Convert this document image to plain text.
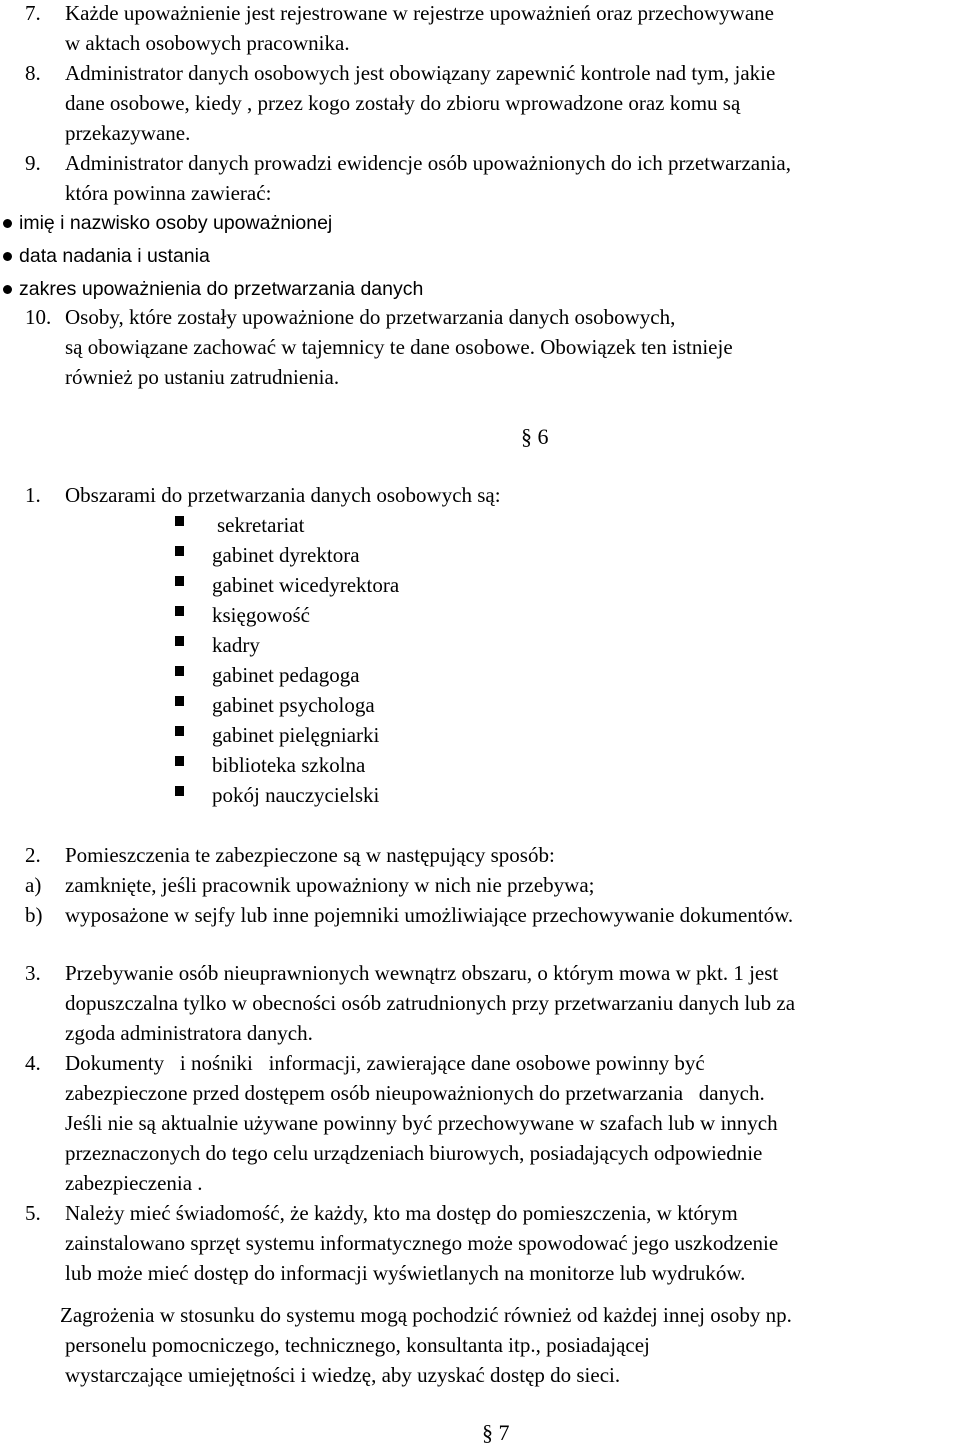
7. Każde upoważnienie jest rejestrowane w rejestrze upoważnień oraz przechowywane
w aktach osobowych pracownika.
8. Administrator danych osobowych jest obowiązany zapewnić kontrole nad tym, jakie
dane osobowe, kiedy , przez kogo zostały do zbioru wprowadzone oraz komu są
przekazywane.
9. Administrator danych prowadzi ewidencje osób upoważnionych do ich przetwarzania,
która powinna zawierać:
imię i nazwisko osoby upoważnionej
data nadania i ustania
zakres upoważnienia do przetwarzania danych
10. Osoby, które zostały upoważnione do przetwarzania danych osobowych,
są obowiązane zachować w tajemnicy te dane osobowe. Obowiązek ten istnieje
również po ustaniu zatrudnienia.
§ 6
1. Obszarami do przetwarzania danych osobowych są:
sekretariat
gabinet dyrektora
gabinet wicedyrektora
księgowość
kadry
gabinet pedagoga
gabinet psychologa
gabinet pielęgniarki
biblioteka szkolna
pokój nauczycielski
2. Pomieszczenia te zabezpieczone są w następujący sposób:
a) zamknięte, jeśli pracownik upoważniony w nich nie przebywa;
b) wyposażone w sejfy lub inne pojemniki umożliwiające przechowywanie dokumentów.
3. Przebywanie osób nieuprawnionych wewnątrz obszaru, o którym mowa w pkt. 1 jest
dopuszczalna tylko w obecności osób zatrudnionych przy przetwarzaniu danych lub za
zgoda administratora danych.
4. Dokumenty   i nośniki   informacji, zawierające dane osobowe powinny być
zabezpieczone przed dostępem osób nieupoważnionych do przetwarzania   danych.
Jeśli nie są aktualnie używane powinny być przechowywane w szafach lub w innych
przeznaczonych do tego celu urządzeniach biurowych, posiadających odpowiednie
zabezpieczenia .
5. Należy mieć świadomość, że każdy, kto ma dostęp do pomieszczenia, w którym
zainstalowano sprzęt systemu informatycznego może spowodować jego uszkodzenie
lub może mieć dostęp do informacji wyświetlanych na monitorze lub wydruków.
Zagrożenia w stosunku do systemu mogą pochodzić również od każdej innej osoby np.
personelu pomocniczego, technicznego, konsultanta itp., posiadającej
wystarczające umiejętności i wiedzę, aby uzyskać dostęp do sieci.
§ 7
